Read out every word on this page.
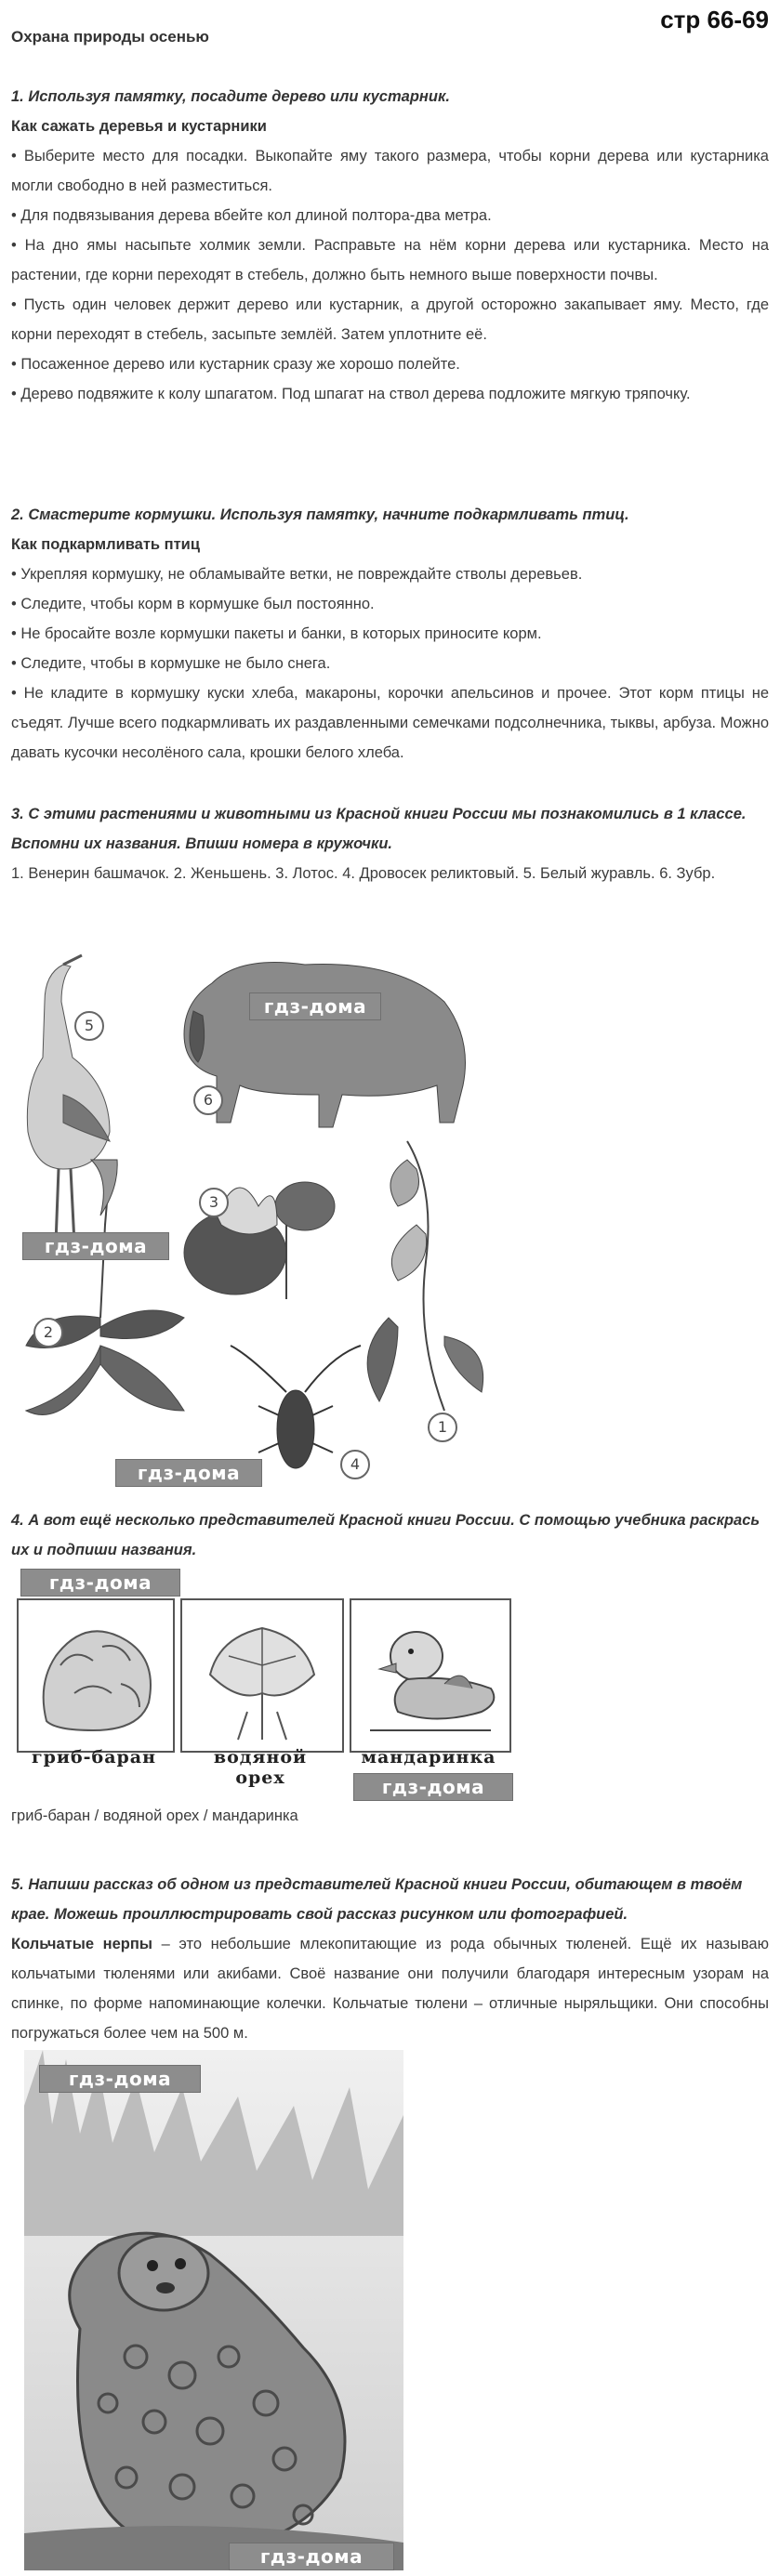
стр 66-69
Охрана природы осенью
1. Используя памятку, посадите дерево или кустарник.
Как сажать деревья и кустарники
• Выберите место для посадки. Выкопайте яму такого размера, чтобы корни дерева или кустарника могли свободно в ней разместиться.
• Для подвязывания дерева вбейте кол длиной полтора-два метра.
• На дно ямы насыпьте холмик земли. Расправьте на нём корни дерева или кустарника. Место на растении, где корни переходят в стебель, должно быть немного выше поверхности почвы.
• Пусть один человек держит дерево или кустарник, а другой осторожно закапывает яму. Место, где корни переходят в стебель, засыпьте землёй. Затем уплотните её.
• Посаженное дерево или кустарник сразу же хорошо полейте.
• Дерево подвяжите к колу шпагатом. Под шпагат на ствол дерева подложите мягкую тряпочку.
2. Смастерите кормушки. Используя памятку, начните подкармливать птиц.
Как подкармливать птиц
• Укрепляя кормушку, не обламывайте ветки, не повреждайте стволы деревьев.
• Следите, чтобы корм в кормушке был постоянно.
• Не бросайте возле кормушки пакеты и банки, в которых приносите корм.
• Следите, чтобы в кормушке не было снега.
• Не кладите в кормушку куски хлеба, макароны, корочки апельсинов и прочее. Этот корм птицы не съедят. Лучше всего подкармливать их раздавленными семечками подсолнечника, тыквы, арбуза. Можно давать кусочки несолёного сала, крошки белого хлеба.
3. С этими растениями и животными из Красной книги России мы познакомились в 1 классе. Вспомни их названия. Впиши номера в кружочки.
1. Венерин башмачок. 2. Женьшень. 3. Лотос. 4. Дровосек реликтовый. 5. Белый журавль. 6. Зубр.
5
6
3
2
1
4
гдз-дома
гдз-дома
гдз-дома
4. А вот ещё несколько представителей Красной книги России. С помощью учебника раскрась их и подпиши названия.
гдз-дома
гриб-баран	водяной орех
мандаринка
гдз-дома
гриб-баран / водяной орех / мандаринка
5. Напиши рассказ об одном из представителей Красной книги России, обитающем в твоём крае. Можешь проиллюстрировать свой рассказ рисунком или фотографией.
Кольчатые нерпы – это небольшие млекопитающие из рода обычных тюленей. Ещё их называю кольчатыми тюленями или акибами. Своё название они получили благодаря интересным узорам на спинке, по форме напоминающие колечки. Кольчатые тюлени – отличные ныряльщики. Они способны погружаться более чем на 500 м.
гдз-дома
гдз-дома
